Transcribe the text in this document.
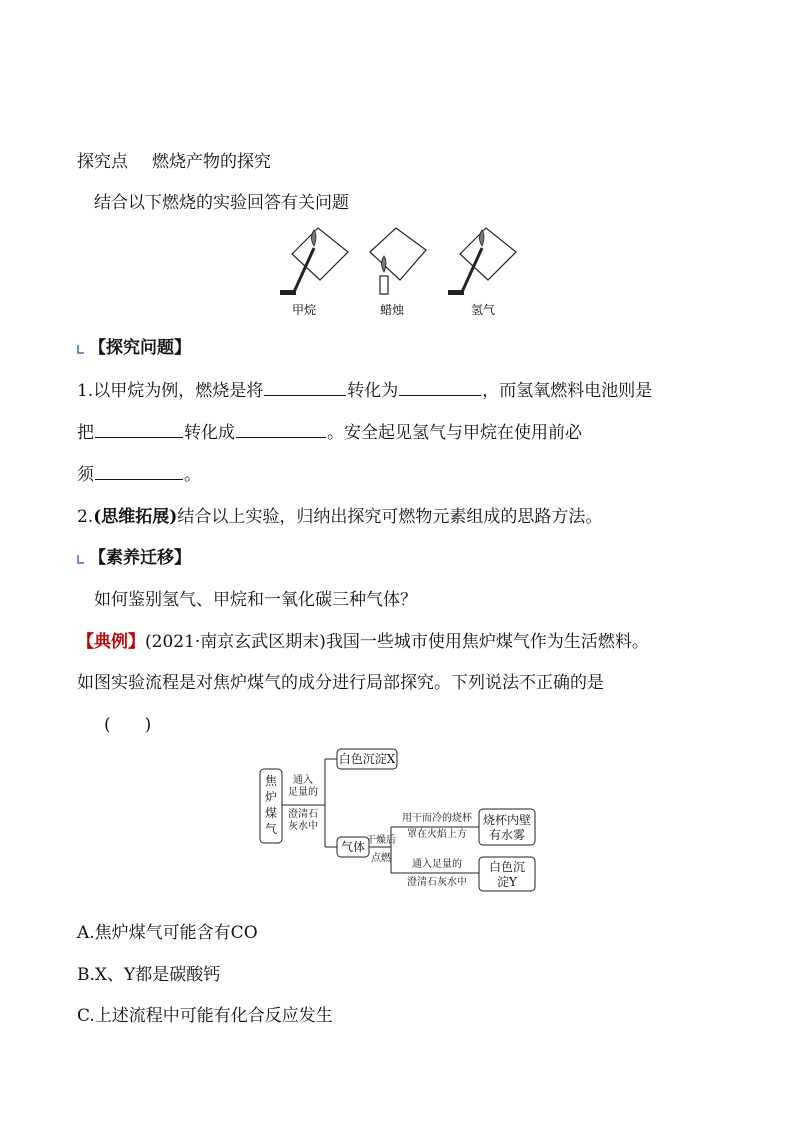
探究点 燃烧产物的探究
结合以下燃烧的实验回答有关问题
甲烷	蜡烛	氢气
【探究问题】
1.以甲烷为例，燃烧是将	转化为	，而氢氧燃料电池则是
把	转化成	。安全起见氢气与甲烷在使用前必
须	。
2.(思维拓展)结合以上实验，归纳出探究可燃物元素组成的思路方法。
【素养迁移】
如何鉴别氢气、甲烷和一氧化碳三种气体？
【典例】(2021·南京玄武区期末)我国一些城市使用焦炉煤气作为生活燃料。
如图实验流程是对焦炉煤气的成分进行局部探究。下列说法不正确的是
(　　)
焦
炉
煤
气
通入
足量的
澄清石
灰水中
白色沉淀X
气体 干燥后
点燃
用干而冷的烧杯
罩在火焰上方
通入足量的
澄清石灰水中
烧杯内壁
有水雾
白色沉
淀Y
A.焦炉煤气可能含有CO
B.X、Y都是碳酸钙
C.上述流程中可能有化合反应发生
